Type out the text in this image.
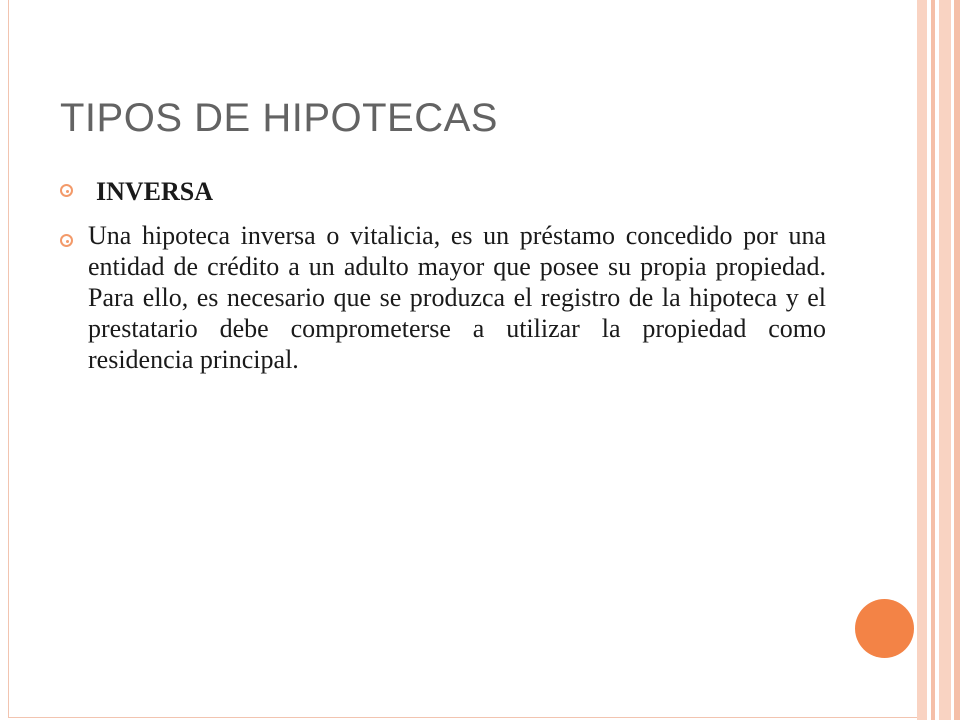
TIPOS DE HIPOTECAS
INVERSA
Una hipoteca inversa o vitalicia, es un préstamo concedido por una entidad de crédito a un adulto mayor que posee su propia propiedad. Para ello, es necesario que se produzca el registro de la hipoteca y el prestatario debe comprometerse a utilizar la propiedad como residencia principal.
